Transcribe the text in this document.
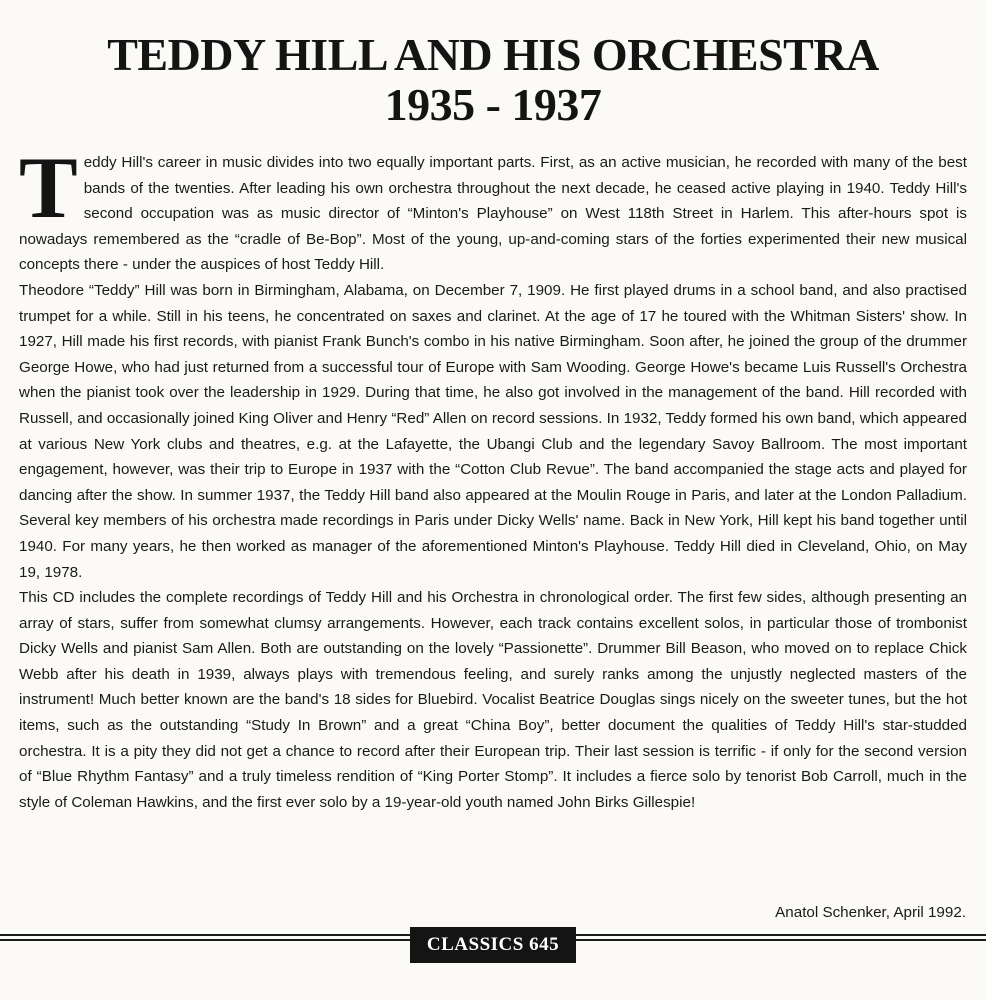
TEDDY HILL AND HIS ORCHESTRA
1935 - 1937

Teddy Hill's career in music divides into two equally important parts. First, as an active musician, he recorded with many of the best bands of the twenties. After leading his own orchestra throughout the next decade, he ceased active playing in 1940. Teddy Hill's second occupation was as music director of “Minton's Playhouse” on West 118th Street in Harlem. This after-hours spot is nowadays remembered as the “cradle of Be-Bop”. Most of the young, up-and-coming stars of the forties experimented their new musical concepts there - under the auspices of host Teddy Hill.

Theodore “Teddy” Hill was born in Birmingham, Alabama, on December 7, 1909. He first played drums in a school band, and also practised trumpet for a while. Still in his teens, he concentrated on saxes and clarinet. At the age of 17 he toured with the Whitman Sisters' show. In 1927, Hill made his first records, with pianist Frank Bunch's combo in his native Birmingham. Soon after, he joined the group of the drummer George Howe, who had just returned from a successful tour of Europe with Sam Wooding. George Howe's became Luis Russell's Orchestra when the pianist took over the leadership in 1929. During that time, he also got involved in the management of the band. Hill recorded with Russell, and occasionally joined King Oliver and Henry “Red” Allen on record sessions. In 1932, Teddy formed his own band, which appeared at various New York clubs and theatres, e.g. at the Lafayette, the Ubangi Club and the legendary Savoy Ballroom. The most important engagement, however, was their trip to Europe in 1937 with the “Cotton Club Revue”. The band accompanied the stage acts and played for dancing after the show. In summer 1937, the Teddy Hill band also appeared at the Moulin Rouge in Paris, and later at the London Palladium. Several key members of his orchestra made recordings in Paris under Dicky Wells' name. Back in New York, Hill kept his band together until 1940. For many years, he then worked as manager of the aforementioned Minton's Playhouse. Teddy Hill died in Cleveland, Ohio, on May 19, 1978.

This CD includes the complete recordings of Teddy Hill and his Orchestra in chronological order. The first few sides, although presenting an array of stars, suffer from somewhat clumsy arrangements. However, each track contains excellent solos, in particular those of trombonist Dicky Wells and pianist Sam Allen. Both are outstanding on the lovely “Passionette”. Drummer Bill Beason, who moved on to replace Chick Webb after his death in 1939, always plays with tremendous feeling, and surely ranks among the unjustly neglected masters of the instrument! Much better known are the band's 18 sides for Bluebird. Vocalist Beatrice Douglas sings nicely on the sweeter tunes, but the hot items, such as the outstanding “Study In Brown” and a great “China Boy”, better document the qualities of Teddy Hill's star-studded orchestra. It is a pity they did not get a chance to record after their European trip. Their last session is terrific - if only for the second version of “Blue Rhythm Fantasy” and a truly timeless rendition of “King Porter Stomp”. It includes a fierce solo by tenorist Bob Carroll, much in the style of Coleman Hawkins, and the first ever solo by a 19-year-old youth named John Birks Gillespie!

Anatol Schenker, April 1992.
CLASSICS 645
